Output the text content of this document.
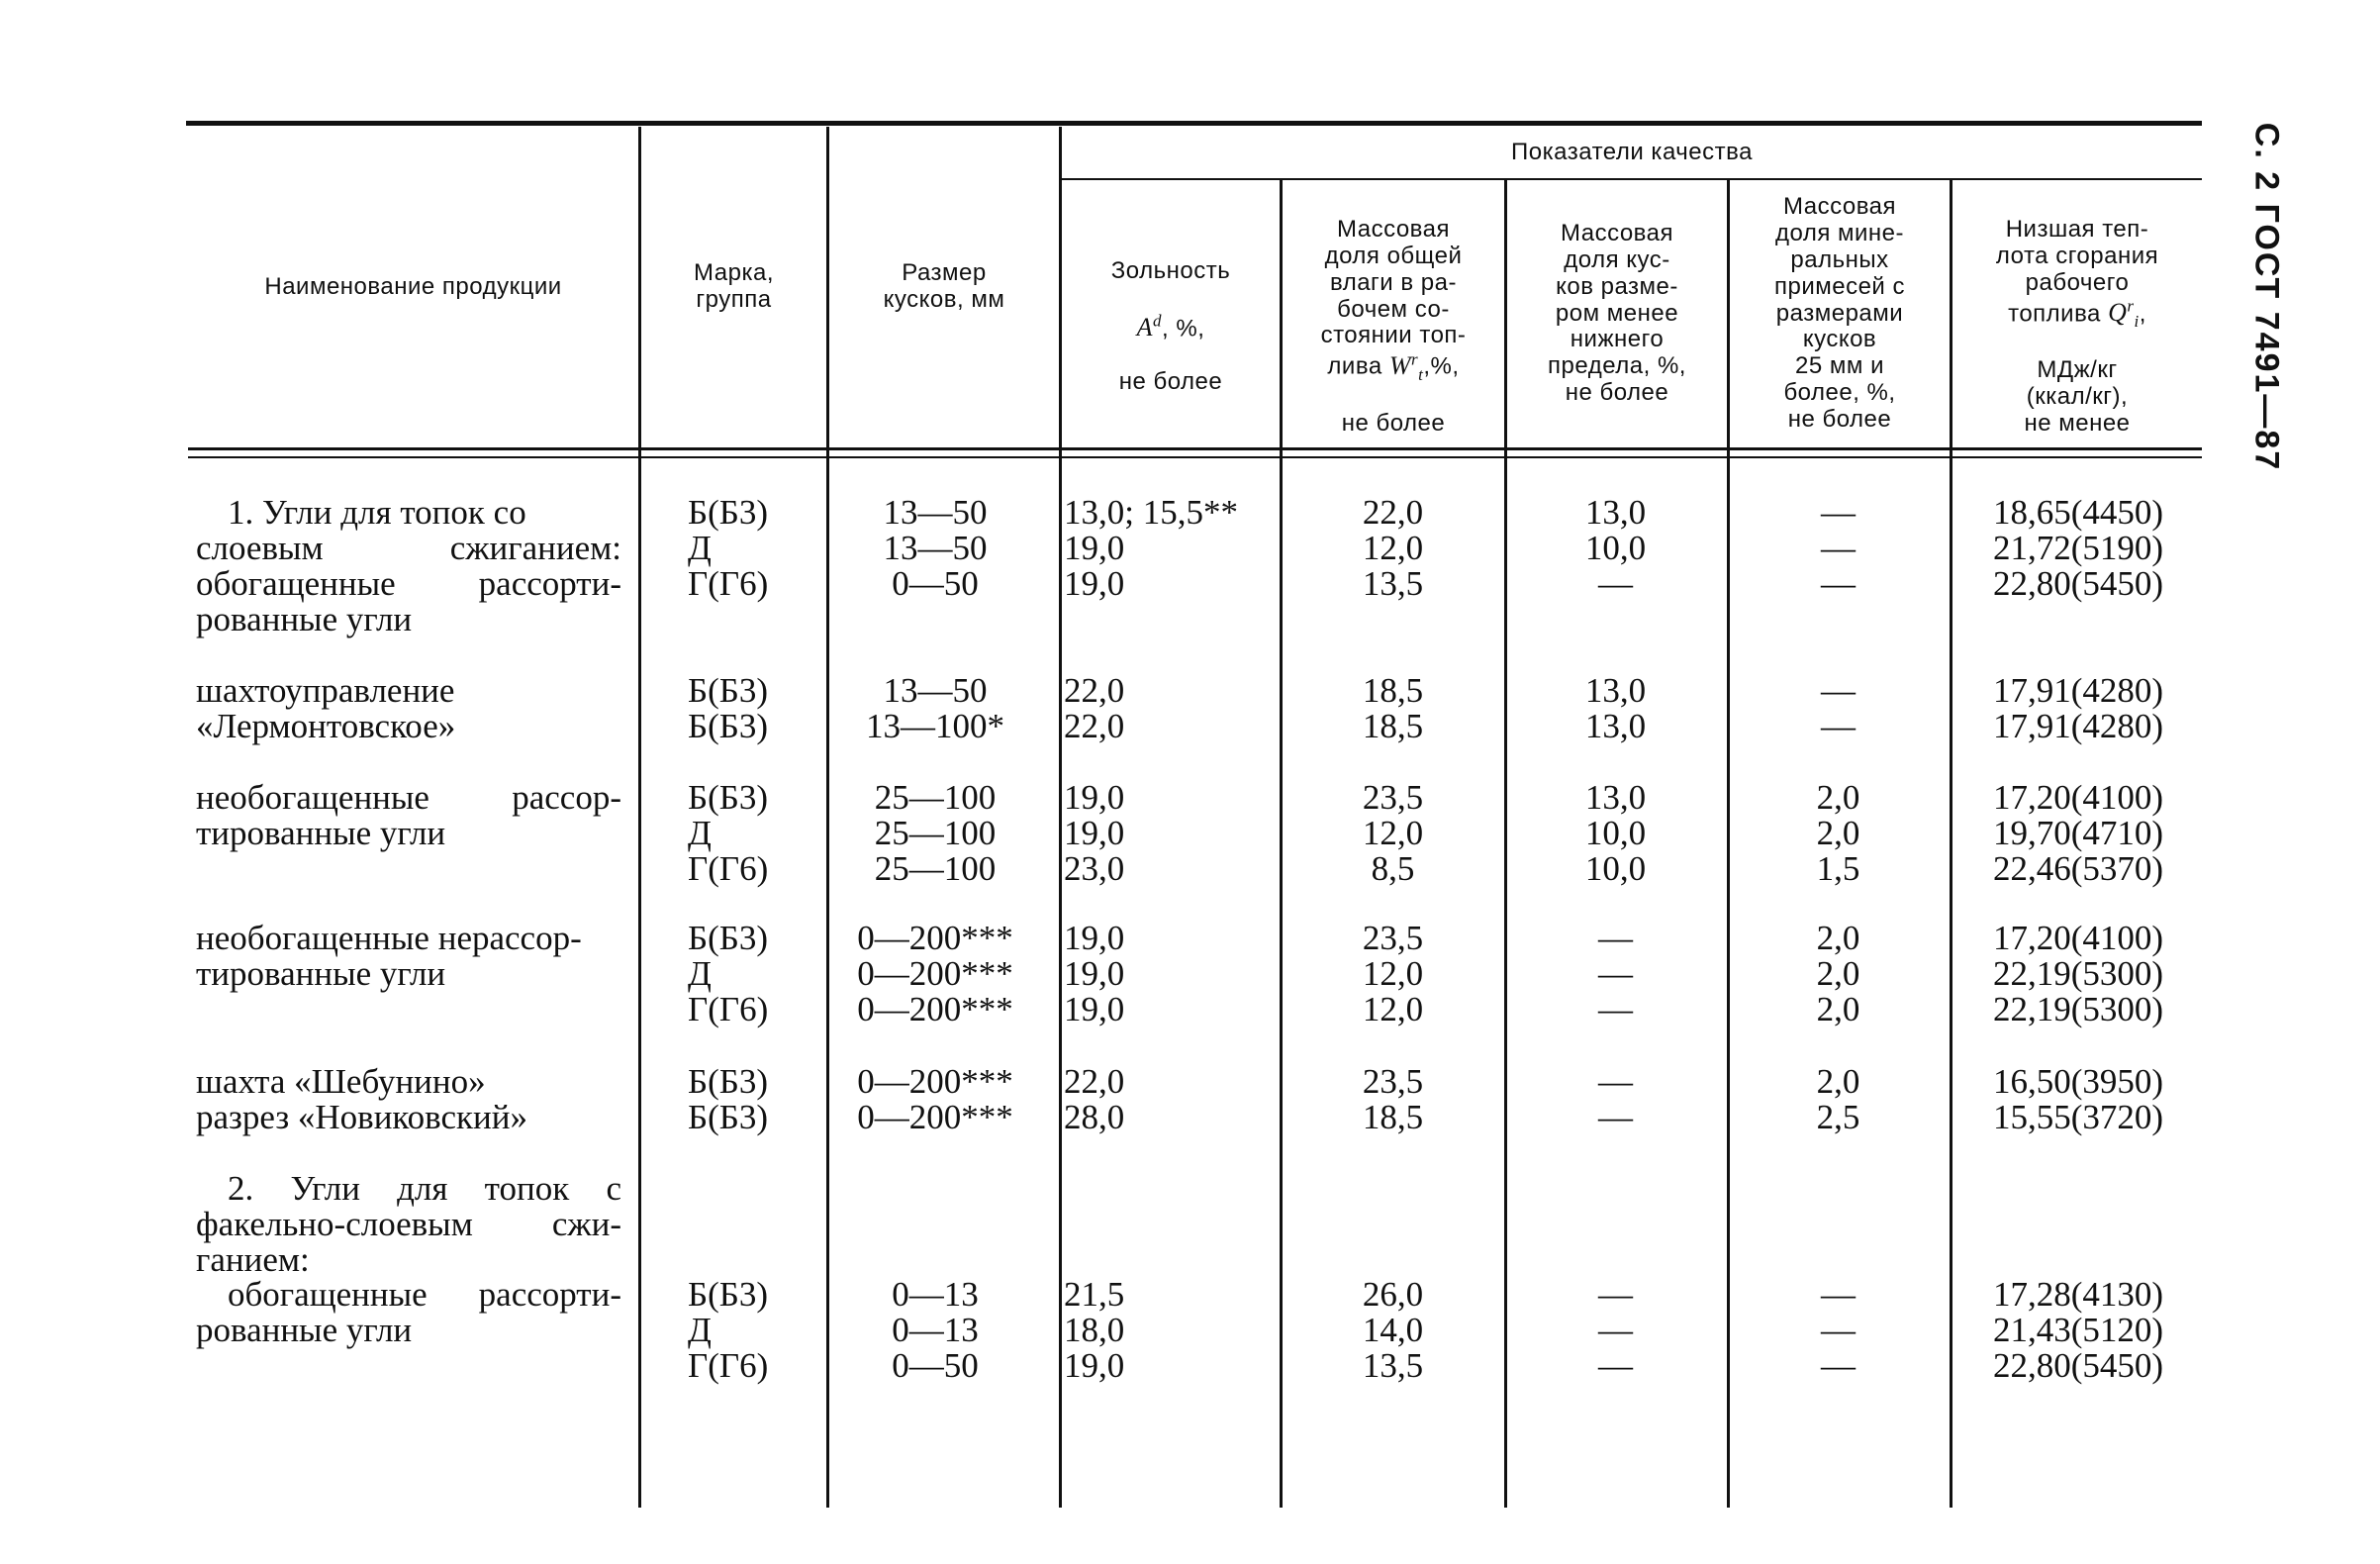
С. 2 ГОСТ 7491—87
Наименование продукции	Марка,
группа
Размер
кусков, мм
Показатели качества

Зольность

$A^d$, %,

не более

Массовая
доля общей
влаги в ра-
бочем со-
стоянии топ-
лива $W^r_t,\%$,

не более

Массовая
доля кус-
ков разме-
ром менее
нижнего
предела, %,
не более
Массовая
доля мине-
ральных
примесей с
размерами
кусков
25 мм и
более, %,
не более

Низшая теп-
лота сгорания
рабочего
топлива $Q^r_i$,

МДж/кг
(ккал/кг),
не менее

1. Угли для топок со
слоевым сжиганием:
обогащенные рассорти-
рованные угли
Б(Б3)
Д
Г(Г6)
13—50
13—50
0—50
13,0; 15,5**
19,0
19,0
22,0
12,0
13,5
13,0
10,0
—
—
—
—
18,65(4450)
21,72(5190)
22,80(5450)
шахтоуправление
«Лермонтовское»
Б(Б3)
Б(Б3)
13—50
13—100*
22,0
22,0
18,5
18,5
13,0
13,0
—
—
17,91(4280)
17,91(4280)
необогащенные рассор-
тированные угли
Б(Б3)
Д
Г(Г6)
25—100
25—100
25—100
19,0
19,0
23,0
23,5
12,0
8,5
13,0
10,0
10,0
2,0
2,0
1,5
17,20(4100)
19,70(4710)
22,46(5370)
необогащенные нерассор-
тированные угли
Б(Б3)
Д
Г(Г6)
0—200***
0—200***
0—200***
19,0
19,0
19,0
23,5
12,0
12,0
—
—
—
2,0
2,0
2,0
17,20(4100)
22,19(5300)
22,19(5300)
шахта «Шебунино»
разрез «Новиковский»
Б(Б3)
Б(Б3)
0—200***
0—200***
22,0
28,0
23,5
18,5
—
—
2,0
2,5
16,50(3950)
15,55(3720)
2. Угли для топок с
факельно-слоевым сжи-
ганием:
обогащенные рассорти-
рованные угли
Б(Б3)
Д
Г(Г6)
0—13
0—13
0—50
21,5
18,0
19,0
26,0
14,0
13,5
—
—
—
—
—
—
17,28(4130)
21,43(5120)
22,80(5450)
